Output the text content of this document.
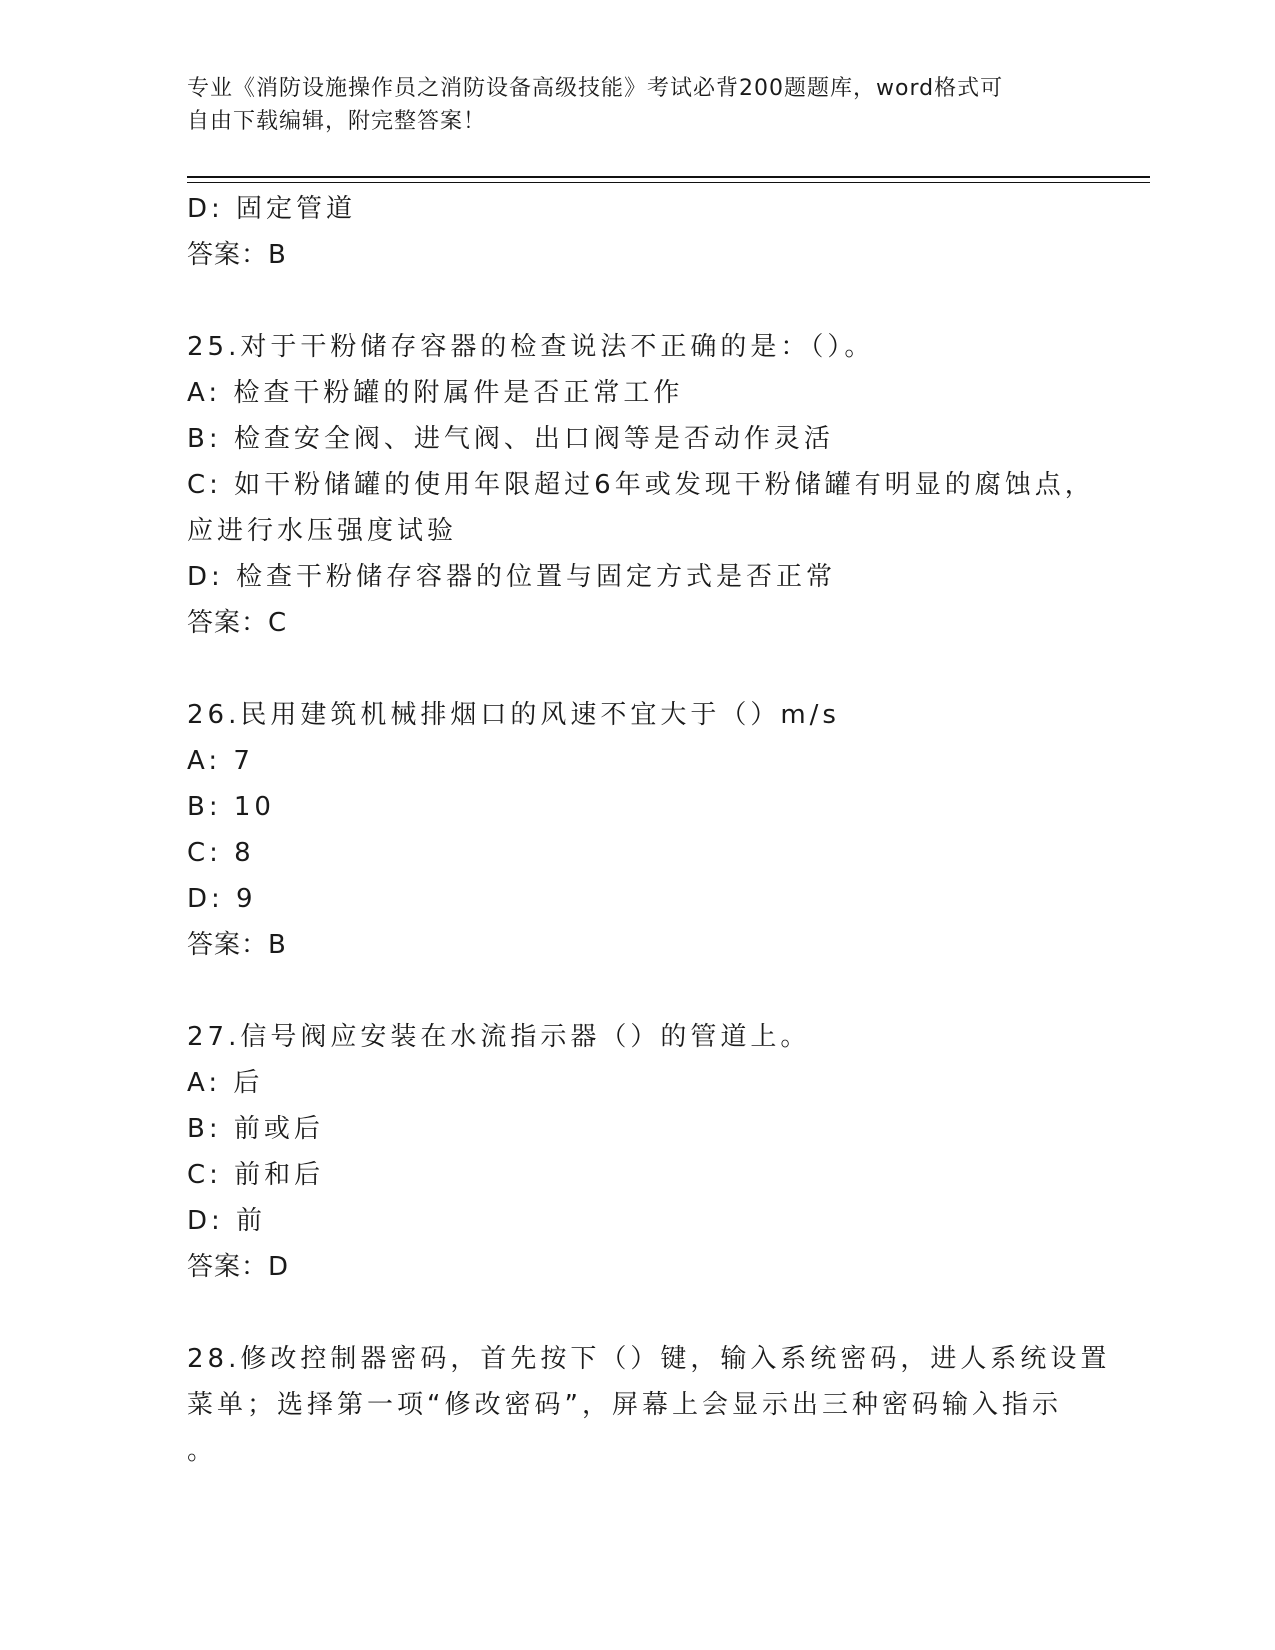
专业《消防设施操作员之消防设备高级技能》考试必背200题题库，word格式可
自由下载编辑，附完整答案！
D: 固定管道
答案：B
25.对于干粉储存容器的检查说法不正确的是：（）。
A: 检查干粉罐的附属件是否正常工作
B: 检查安全阀、进气阀、出口阀等是否动作灵活
C: 如干粉储罐的使用年限超过6年或发现干粉储罐有明显的腐蚀点，
应进行水压强度试验
D: 检查干粉储存容器的位置与固定方式是否正常
答案：C
26.民用建筑机械排烟口的风速不宜大于（）m/s
A: 7
B: 10
C: 8
D: 9
答案：B
27.信号阀应安装在水流指示器（）的管道上。
A: 后
B: 前或后
C: 前和后
D: 前
答案：D
28.修改控制器密码，首先按下（）键，输入系统密码，进人系统设置
菜单；选择第一项“修改密码”，屏幕上会显示出三种密码输入指示
。
